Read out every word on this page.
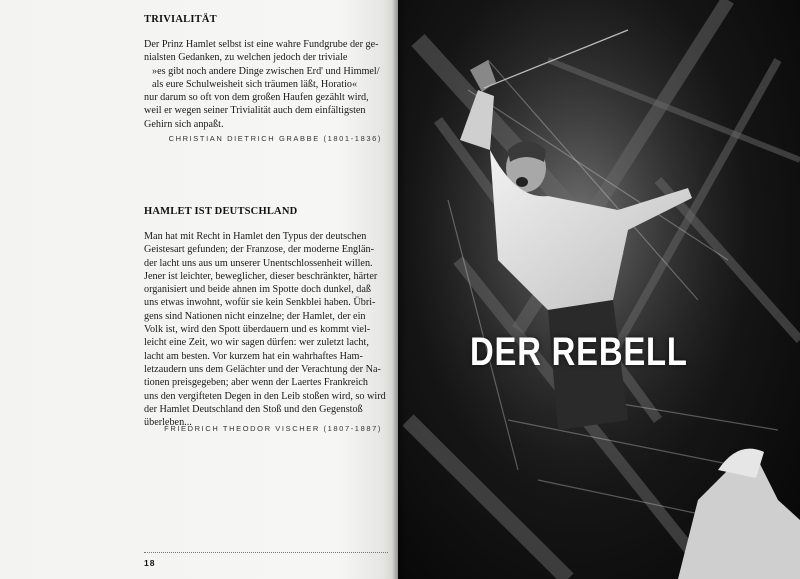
TRIVIALITÄT
Der Prinz Hamlet selbst ist eine wahre Fundgrube der ge-
nialsten Gedanken, zu welchen jedoch der triviale
»es gibt noch andere Dinge zwischen Erd' und Himmel/
als eure Schulweisheit sich träumen läßt, Horatio«
nur darum so oft von dem großen Haufen gezählt wird,
weil er wegen seiner Trivialität auch dem einfältigsten
Gehirn sich anpaßt.
CHRISTIAN DIETRICH GRABBE (1801-1836)
HAMLET IST DEUTSCHLAND
Man hat mit Recht in Hamlet den Typus der deutschen
Geistesart gefunden; der Franzose, der moderne Englän-
der lacht uns aus um unserer Unentschlossenheit willen.
Jener ist leichter, beweglicher, dieser beschränkter, härter
organisiert und beide ahnen im Spotte doch dunkel, daß
uns etwas inwohnt, wofür sie kein Senkblei haben. Übri-
gens sind Nationen nicht einzelne; der Hamlet, der ein
Volk ist, wird den Spott überdauern und es kommt viel-
leicht eine Zeit, wo wir sagen dürfen: wer zuletzt lacht,
lacht am besten. Vor kurzem hat ein wahrhaftes Ham-
letzaudern uns dem Gelächter und der Verachtung der Na-
tionen preisgegeben; aber wenn der Laertes Frankreich
uns den vergifteten Degen in den Leib stoßen wird, so wird
der Hamlet Deutschland den Stoß und den Gegenstoß
überleben...
FRIEDRICH THEODOR VISCHER (1807-1887)
18
DER REBELL
